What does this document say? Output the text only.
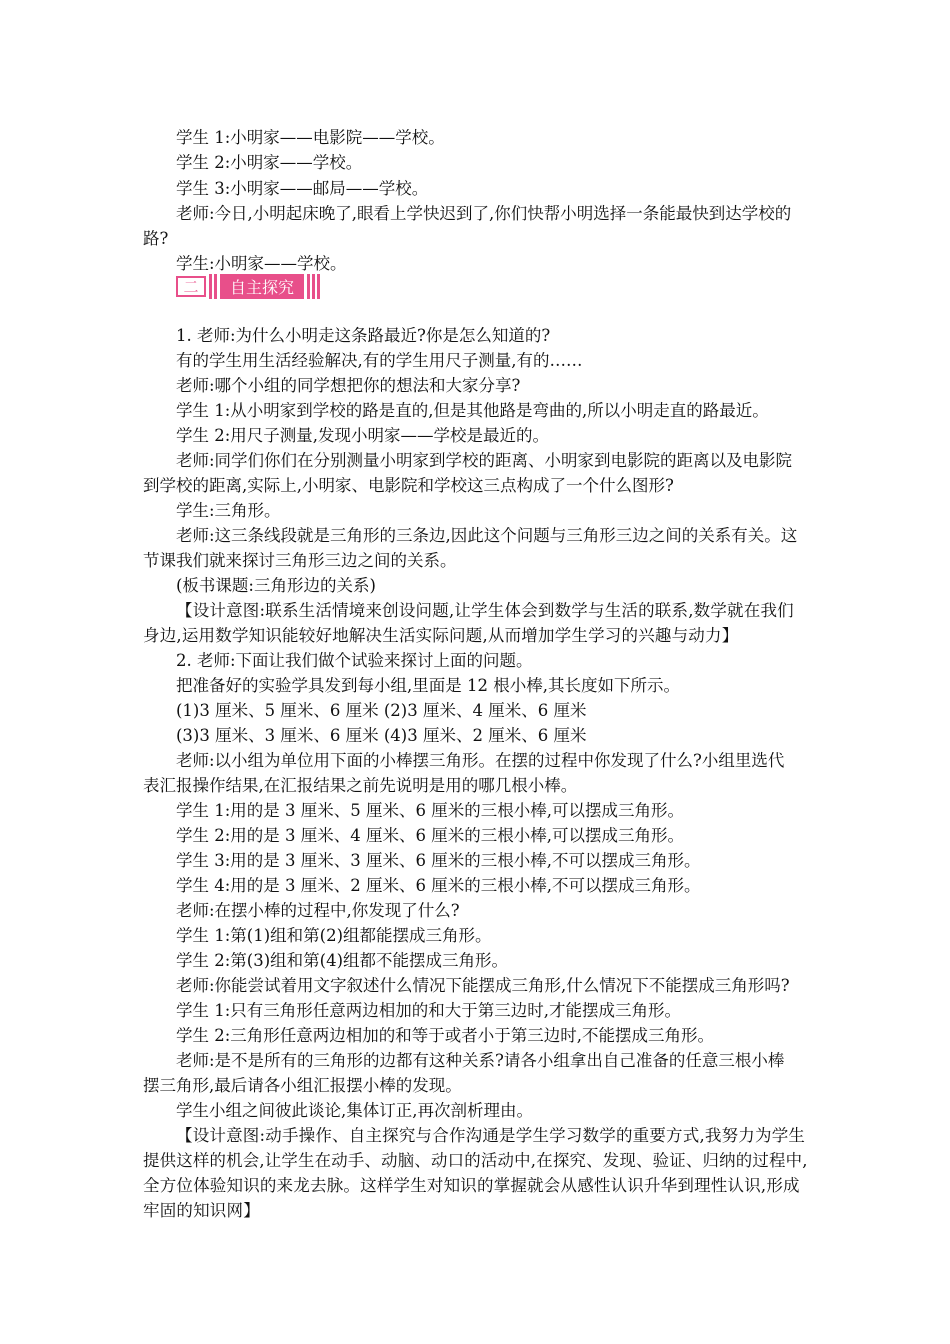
学生 1:小明家——电影院——学校。
学生 2:小明家——学校。
学生 3:小明家——邮局——学校。
老师:今日,小明起床晚了,眼看上学快迟到了,你们快帮小明选择一条能最快到达学校的
路?
学生:小明家——学校。
二	自主探究
1. 老师:为什么小明走这条路最近?你是怎么知道的?
有的学生用生活经验解决,有的学生用尺子测量,有的……
老师:哪个小组的同学想把你的想法和大家分享?
学生 1:从小明家到学校的路是直的,但是其他路是弯曲的,所以小明走直的路最近。
学生 2:用尺子测量,发现小明家——学校是最近的。
老师:同学们你们在分别测量小明家到学校的距离、小明家到电影院的距离以及电影院
到学校的距离,实际上,小明家、电影院和学校这三点构成了一个什么图形?
学生:三角形。
老师:这三条线段就是三角形的三条边,因此这个问题与三角形三边之间的关系有关。这
节课我们就来探讨三角形三边之间的关系。
(板书课题:三角形边的关系)
【设计意图:联系生活情境来创设问题,让学生体会到数学与生活的联系,数学就在我们
身边,运用数学知识能较好地解决生活实际问题,从而增加学生学习的兴趣与动力】
2. 老师:下面让我们做个试验来探讨上面的问题。
把准备好的实验学具发到每小组,里面是 12 根小棒,其长度如下所示。
(1)3 厘米、5 厘米、6 厘米 (2)3 厘米、4 厘米、6 厘米
(3)3 厘米、3 厘米、6 厘米 (4)3 厘米、2 厘米、6 厘米
老师:以小组为单位用下面的小棒摆三角形。在摆的过程中你发现了什么?小组里选代
表汇报操作结果,在汇报结果之前先说明是用的哪几根小棒。
学生 1:用的是 3 厘米、5 厘米、6 厘米的三根小棒,可以摆成三角形。
学生 2:用的是 3 厘米、4 厘米、6 厘米的三根小棒,可以摆成三角形。
学生 3:用的是 3 厘米、3 厘米、6 厘米的三根小棒,不可以摆成三角形。
学生 4:用的是 3 厘米、2 厘米、6 厘米的三根小棒,不可以摆成三角形。
老师:在摆小棒的过程中,你发现了什么?
学生 1:第(1)组和第(2)组都能摆成三角形。
学生 2:第(3)组和第(4)组都不能摆成三角形。
老师:你能尝试着用文字叙述什么情况下能摆成三角形,什么情况下不能摆成三角形吗?
学生 1:只有三角形任意两边相加的和大于第三边时,才能摆成三角形。
学生 2:三角形任意两边相加的和等于或者小于第三边时,不能摆成三角形。
老师:是不是所有的三角形的边都有这种关系?请各小组拿出自己准备的任意三根小棒
摆三角形,最后请各小组汇报摆小棒的发现。
学生小组之间彼此谈论,集体订正,再次剖析理由。
【设计意图:动手操作、自主探究与合作沟通是学生学习数学的重要方式,我努力为学生
提供这样的机会,让学生在动手、动脑、动口的活动中,在探究、发现、验证、归纳的过程中,
全方位体验知识的来龙去脉。这样学生对知识的掌握就会从感性认识升华到理性认识,形成
牢固的知识网】
